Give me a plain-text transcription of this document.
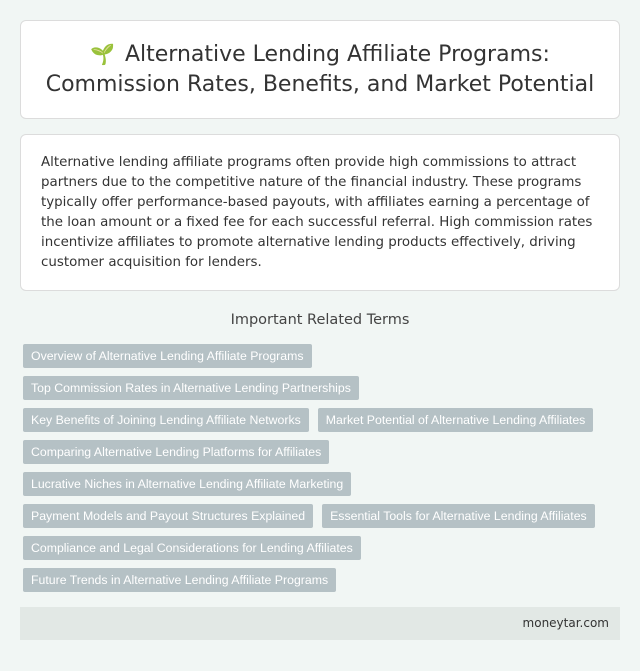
🌱 Alternative Lending Affiliate Programs:
Commission Rates, Benefits, and Market Potential

Alternative lending affiliate programs often provide high commissions to attract partners due to the competitive nature of the financial industry. These programs typically offer performance-based payouts, with affiliates earning a percentage of the loan amount or a fixed fee for each successful referral. High commission rates incentivize affiliates to promote alternative lending products effectively, driving customer acquisition for lenders.

Important Related Terms
Overview of Alternative Lending Affiliate Programs
Top Commission Rates in Alternative Lending Partnerships
Key Benefits of Joining Lending Affiliate Networks	Market Potential of Alternative Lending Affiliates
Comparing Alternative Lending Platforms for Affiliates
Lucrative Niches in Alternative Lending Affiliate Marketing
Payment Models and Payout Structures Explained	Essential Tools for Alternative Lending Affiliates
Compliance and Legal Considerations for Lending Affiliates
Future Trends in Alternative Lending Affiliate Programs
moneytar.com
